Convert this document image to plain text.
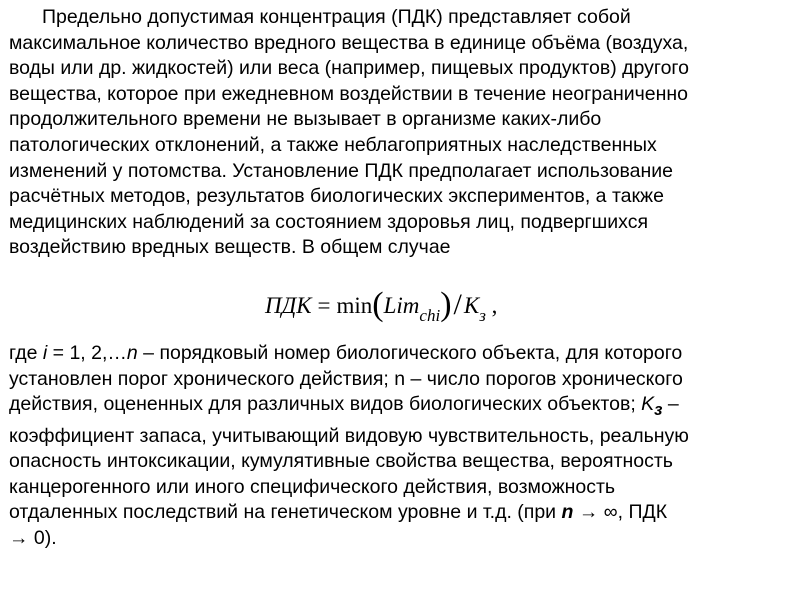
Предельно допустимая концентрация (ПДК) представляет собой
максимальное количество вредного вещества в единице объёма (воздуха,
воды или др. жидкостей) или веса (например, пищевых продуктов) другого
вещества, которое при ежедневном воздействии в течение неограниченно
продолжительного времени не вызывает в организме каких-либо
патологических отклонений, а также неблагоприятных наследственных
изменений у потомства. Установление ПДК предполагает использование
расчётных методов, результатов биологических экспериментов, а также
медицинских наблюдений за состоянием здоровья лиц, подвергшихся
воздействию вредных веществ. В общем случае

ПДК = $\min(Lim_{chi})/K_з$ ,

где i = 1, 2,…n – порядковый номер биологического объекта, для которого
установлен порог хронического действия; n – число порогов хронического
действия, оцененных для различных видов биологических объектов; $K_з$ –
коэффициент запаса, учитывающий видовую чувствительность, реальную
опасность интоксикации, кумулятивные свойства вещества, вероятность
канцерогенного или иного специфического действия, возможность
отдаленных последствий на генетическом уровне и т.д. (при n → ∞, ПДК
→ 0).
